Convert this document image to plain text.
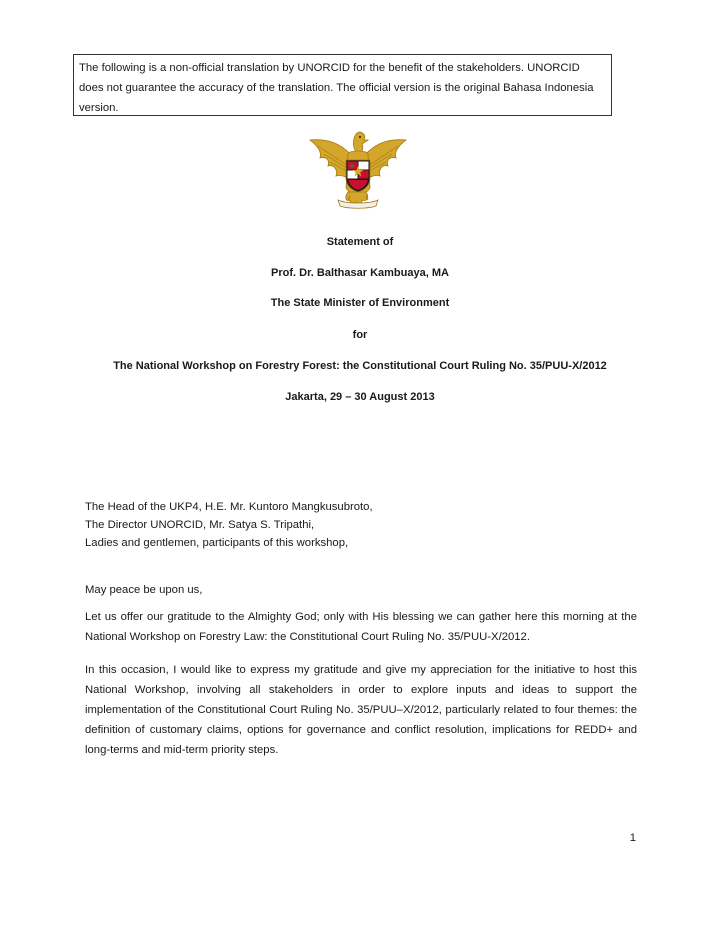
The following is a non-official translation by UNORCID for the benefit of the stakeholders. UNORCID does not guarantee the accuracy of the translation. The official version is the original Bahasa Indonesia version.
Statement of
Prof. Dr. Balthasar Kambuaya, MA
The State Minister of Environment
for
The National Workshop on Forestry Forest: the Constitutional Court Ruling No. 35/PUU-X/2012
Jakarta, 29 – 30 August 2013
The Head of the UKP4, H.E. Mr. Kuntoro Mangkusubroto,
The Director UNORCID, Mr. Satya S. Tripathi,
Ladies and gentlemen, participants of this workshop,
May peace be upon us,
Let us offer our gratitude to the Almighty God; only with His blessing we can gather here this morning at the National Workshop on Forestry Law: the Constitutional Court Ruling No. 35/PUU-X/2012.
In this occasion, I would like to express my gratitude and give my appreciation for the initiative to host this National Workshop, involving all stakeholders in order to explore inputs and ideas to support the implementation of the Constitutional Court Ruling No. 35/PUU–X/2012, particularly related to four themes: the definition of customary claims, options for governance and conflict resolution, implications for REDD+ and long-terms and mid-term priority steps.
1
